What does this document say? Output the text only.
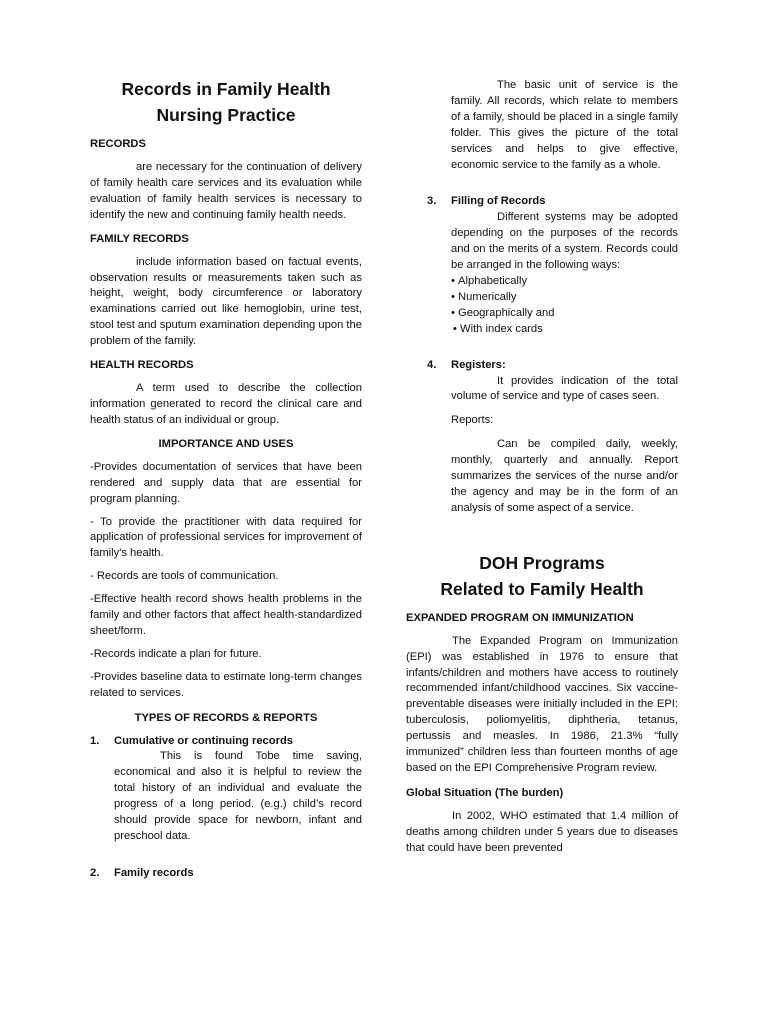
Records in Family Health
Nursing Practice
RECORDS

are necessary for the continuation of delivery of family health care services and its evaluation while evaluation of family health services is necessary to identify the new and continuing family health needs.

FAMILY RECORDS

include information based on factual events, observation results or measurements taken such as height, weight, body circumference or laboratory examinations carried out like hemoglobin, urine test, stool test and sputum examination depending upon the problem of the family.

HEALTH RECORDS

A term used to describe the collection information generated to record the clinical care and health status of an individual or group.

IMPORTANCE AND USES

-Provides documentation of services that have been rendered and supply data that are essential for program planning.

- To provide the practitioner with data required for application of professional services for improvement of family's health.

- Records are tools of communication.

-Effective health record shows health problems in the family and other factors that affect health-standardized sheet/form.

-Records indicate a plan for future.

-Provides baseline data to estimate long-term changes related to services.

TYPES OF RECORDS & REPORTS
1.	Cumulative or continuing records

This is found Tobe time saving, economical and also it is helpful to review the total history of an individual and evaluate the progress of a long period. (e.g.) child’s record should provide space for newborn, infant and preschool data.

2.	Family records

The basic unit of service is the family. All records, which relate to members of a family, should be placed in a single family folder. This gives the picture of the total services and helps to give effective, economic service to the family as a whole.

3.	Filling of Records

Different systems may be adopted depending on the purposes of the records and on the merits of a system. Records could be arranged in the following ways:

• Alphabetically
• Numerically
• Geographically and
• With index cards
4.	Registers:

It provides indication of the total volume of service and type of cases seen.

Reports:

Can be compiled daily, weekly, monthly, quarterly and annually. Report summarizes the services of the nurse and/or the agency and may be in the form of an analysis of some aspect of a service.

DOH Programs
Related to Family Health
EXPANDED PROGRAM ON IMMUNIZATION

The Expanded Program on Immunization (EPI) was established in 1976 to ensure that infants/children and mothers have access to routinely recommended infant/childhood vaccines. Six vaccine-preventable diseases were initially included in the EPI: tuberculosis, poliomyelitis, diphtheria, tetanus, pertussis and measles. In 1986, 21.3% “fully immunized” children less than fourteen months of age based on the EPI Comprehensive Program review.

Global Situation (The burden)

In 2002, WHO estimated that 1.4 million of deaths among children under 5 years due to diseases that could have been prevented
